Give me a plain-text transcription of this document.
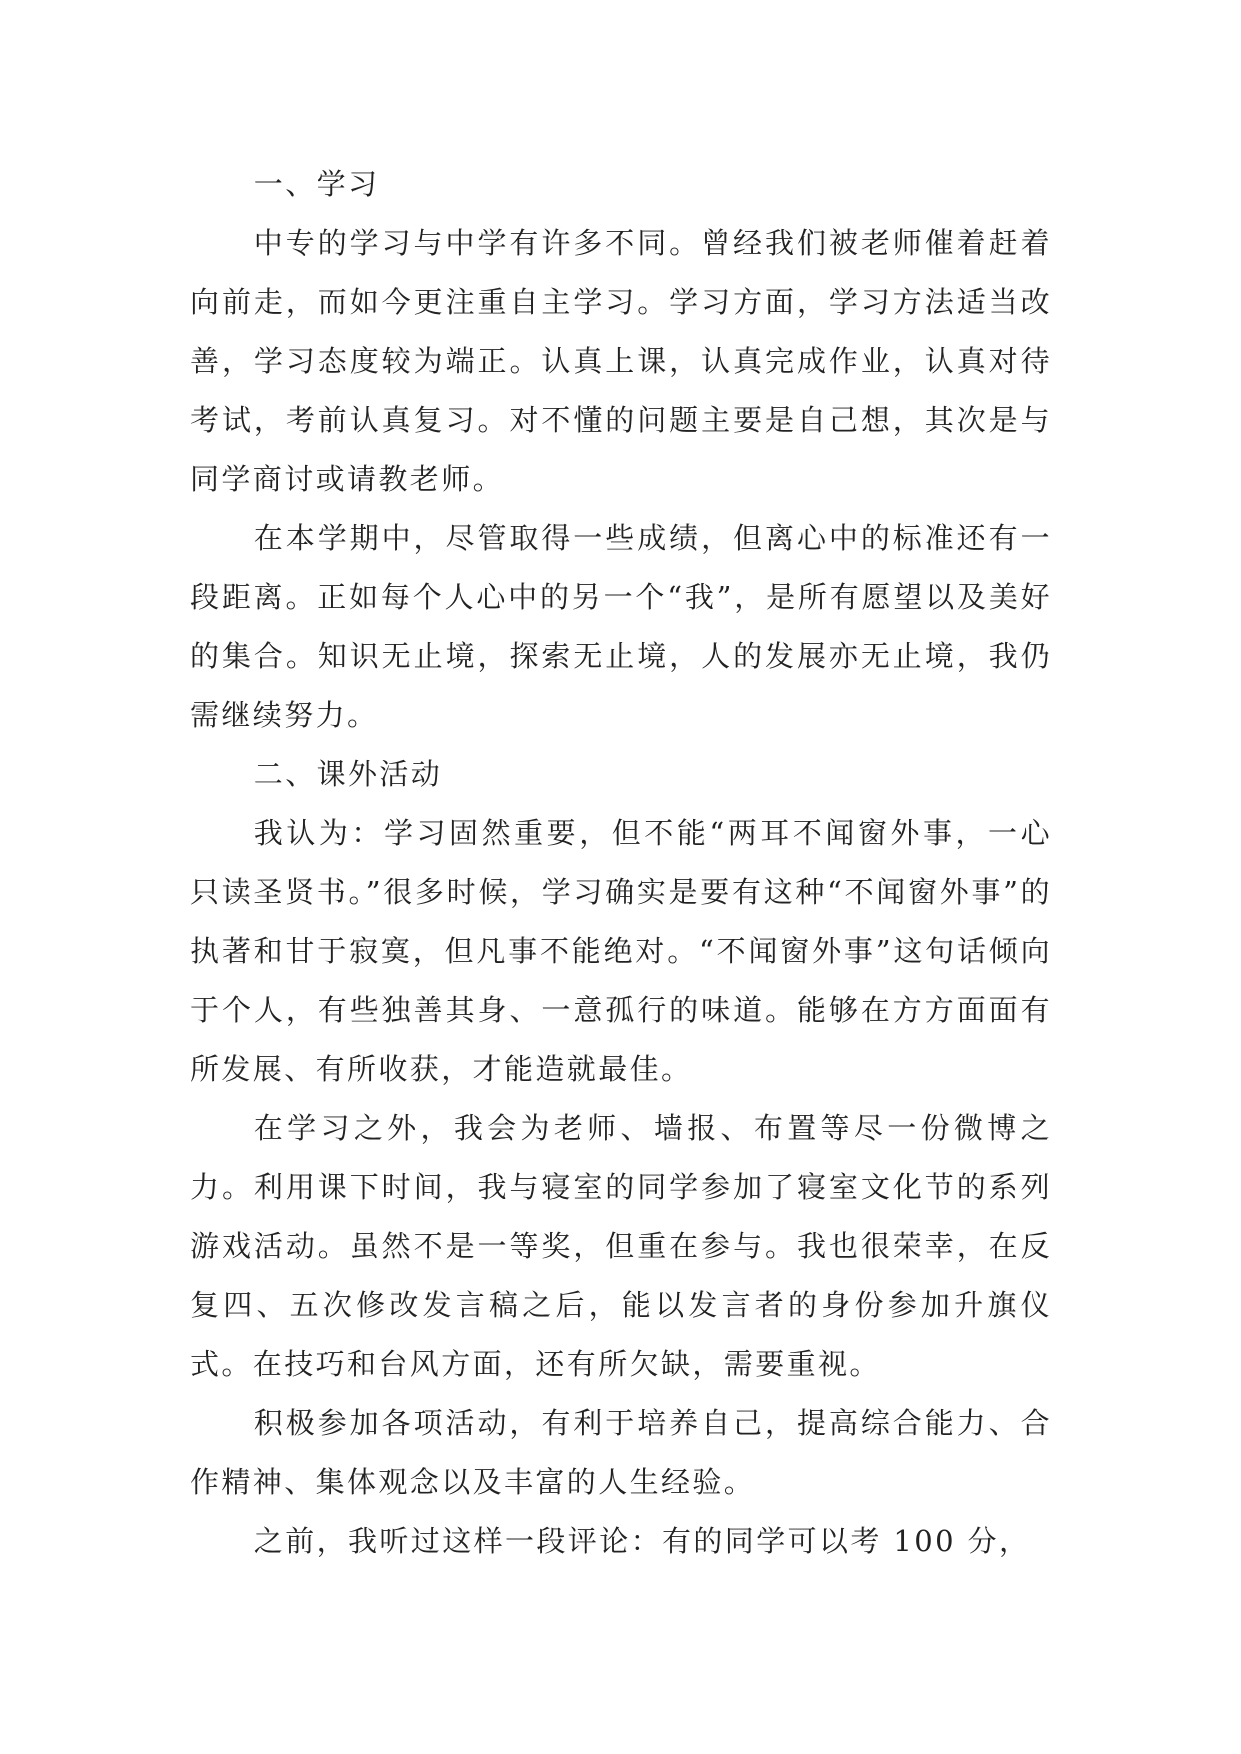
一、学习

中专的学习与中学有许多不同。曾经我们被老师催着赶着向前走，而如今更注重自主学习。学习方面，学习方法适当改善，学习态度较为端正。认真上课，认真完成作业，认真对待考试，考前认真复习。对不懂的问题主要是自己想，其次是与同学商讨或请教老师。

在本学期中，尽管取得一些成绩，但离心中的标准还有一段距离。正如每个人心中的另一个“我”，是所有愿望以及美好的集合。知识无止境，探索无止境，人的发展亦无止境，我仍需继续努力。

二、课外活动

我认为：学习固然重要，但不能“两耳不闻窗外事，一心只读圣贤书。”很多时候，学习确实是要有这种“不闻窗外事”的执著和甘于寂寞，但凡事不能绝对。“不闻窗外事”这句话倾向于个人，有些独善其身、一意孤行的味道。能够在方方面面有所发展、有所收获，才能造就最佳。

在学习之外，我会为老师、墙报、布置等尽一份微博之力。利用课下时间，我与寝室的同学参加了寝室文化节的系列游戏活动。虽然不是一等奖，但重在参与。我也很荣幸，在反复四、五次修改发言稿之后，能以发言者的身份参加升旗仪式。在技巧和台风方面，还有所欠缺，需要重视。

积极参加各项活动，有利于培养自己，提高综合能力、合作精神、集体观念以及丰富的人生经验。

之前，我听过这样一段评论：有的同学可以考 100 分，
